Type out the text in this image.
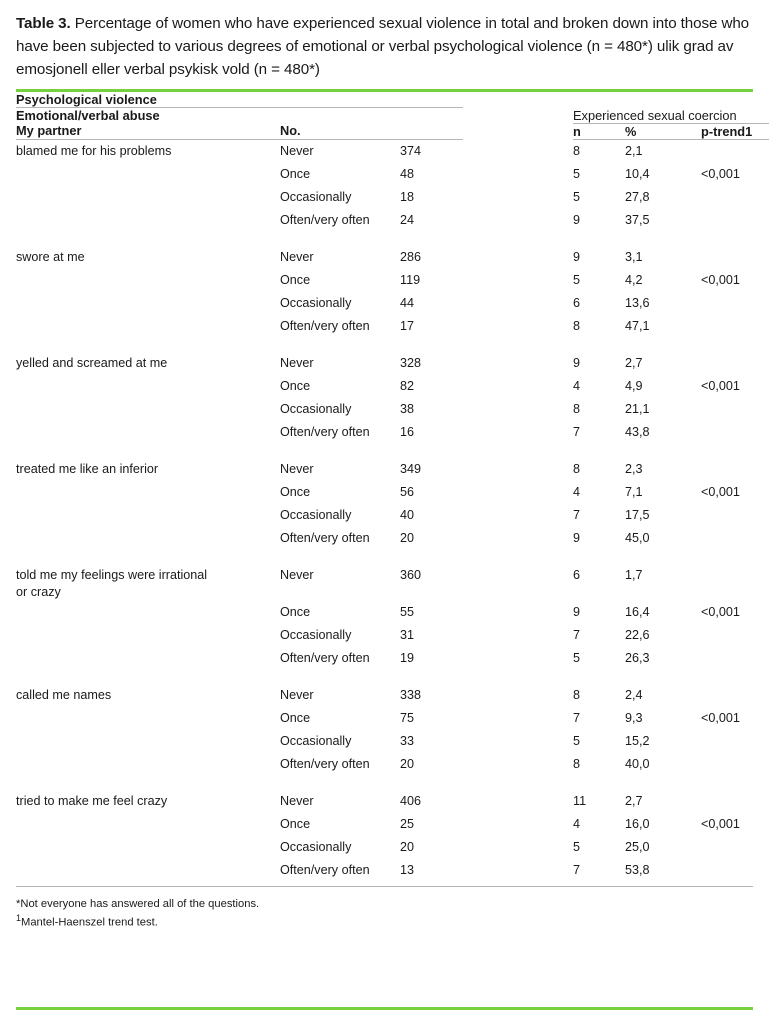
Table 3. Percentage of women who have experienced sexual violence in total and broken down into those who have been subjected to various degrees of emotional or verbal psychological violence (n = 480*) ulik grad av emosjonell eller verbal psykisk vold (n = 480*)
Psychological violence						
Emotional/verbal abuse				Experienced sexual coercion		
My partner	No.			n	%	p-trend1

blamed me for his problems	Never	374		8	2,1	
	Once	48		5	10,4	<0,001
	Occasionally	18		5	27,8	
	Often/very often	24		9	37,5	

swore at me	Never	286		9	3,1	
	Once	119		5	4,2	<0,001
	Occasionally	44		6	13,6	
	Often/very often	17		8	47,1	

yelled and screamed at me	Never	328		9	2,7	
	Once	82		4	4,9	<0,001
	Occasionally	38		8	21,1	
	Often/very often	16		7	43,8	

treated me like an inferior	Never	349		8	2,3	
	Once	56		4	7,1	<0,001
	Occasionally	40		7	17,5	
	Often/very often	20		9	45,0	

told me my feelings were irrational
or crazy	Never	360		6	1,7	
	Once	55		9	16,4	<0,001
	Occasionally	31		7	22,6	
	Often/very often	19		5	26,3	

called me names	Never	338		8	2,4	
	Once	75		7	9,3	<0,001
	Occasionally	33		5	15,2	
	Often/very often	20		8	40,0	

tried to make me feel crazy	Never	406		11	2,7	
	Once	25		4	16,0	<0,001
	Occasionally	20		5	25,0	
	Often/very often	13		7	53,8	
*Not everyone has answered all of the questions.
$^1$Mantel-Haenszel trend test.
